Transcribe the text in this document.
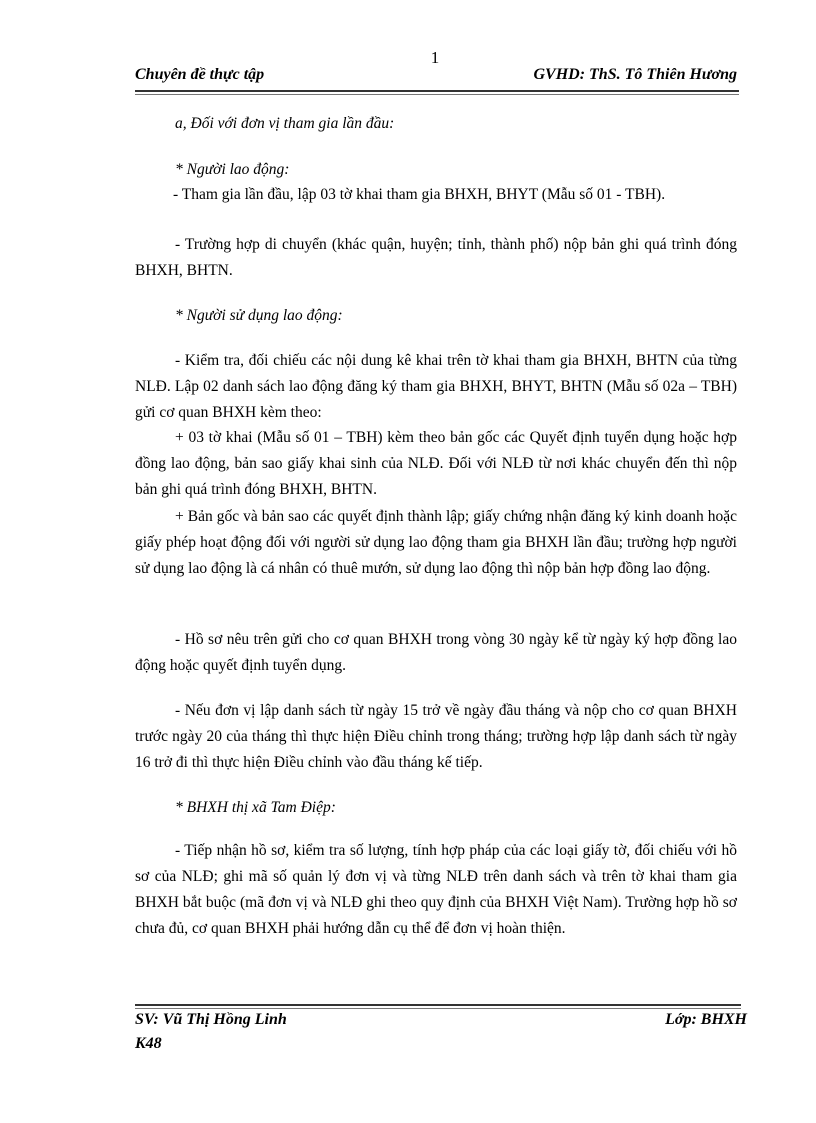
1
Chuyên đề thực tập	GVHD: ThS. Tô Thiên Hương
a, Đối với đơn vị tham gia lần đầu:
* Người lao động:
- Tham gia lần đầu, lập 03 tờ khai tham gia BHXH, BHYT (Mẫu số 01 - TBH).
- Trường hợp di chuyển (khác quận, huyện; tỉnh, thành phố) nộp bản ghi quá trình đóng BHXH, BHTN.
* Người sử dụng lao động:
- Kiểm tra, đối chiếu các nội dung kê khai trên tờ khai tham gia BHXH, BHTN của từng NLĐ. Lập 02 danh sách lao động đăng ký tham gia BHXH, BHYT, BHTN (Mẫu số 02a – TBH) gửi cơ quan BHXH kèm theo:
+ 03 tờ khai (Mẫu số 01 – TBH) kèm theo bản gốc các Quyết định tuyển dụng hoặc hợp đồng lao động, bản sao giấy khai sinh của NLĐ. Đối với NLĐ từ nơi khác chuyển đến thì nộp bản ghi quá trình đóng BHXH, BHTN.
+ Bản gốc và bản sao các quyết định thành lập; giấy chứng nhận đăng ký kinh doanh hoặc giấy phép hoạt động đối với người sử dụng lao động tham gia BHXH lần đầu; trường hợp người sử dụng lao động là cá nhân có thuê mướn, sử dụng lao động thì nộp bản hợp đồng lao động.
- Hồ sơ nêu trên gửi cho cơ quan BHXH trong vòng 30 ngày kể từ ngày ký hợp đồng lao động hoặc quyết định tuyển dụng.
- Nếu đơn vị lập danh sách từ ngày 15 trở về ngày đầu tháng và nộp cho cơ quan BHXH trước ngày 20 của tháng thì thực hiện Điều chỉnh trong tháng; trường hợp lập danh sách từ ngày 16 trở đi thì thực hiện Điều chỉnh vào đầu tháng kế tiếp.
* BHXH thị xã Tam Điệp:
- Tiếp nhận hồ sơ, kiểm tra số lượng, tính hợp pháp của các loại giấy tờ, đối chiếu với hồ sơ của NLĐ; ghi mã số quản lý đơn vị và từng NLĐ trên danh sách và trên tờ khai tham gia BHXH bắt buộc (mã đơn vị và NLĐ ghi theo quy định của BHXH Việt Nam). Trường hợp hồ sơ chưa đủ, cơ quan BHXH phải hướng dẫn cụ thể để đơn vị hoàn thiện.
SV: Vũ Thị Hồng Linh	Lớp: BHXH
K48
